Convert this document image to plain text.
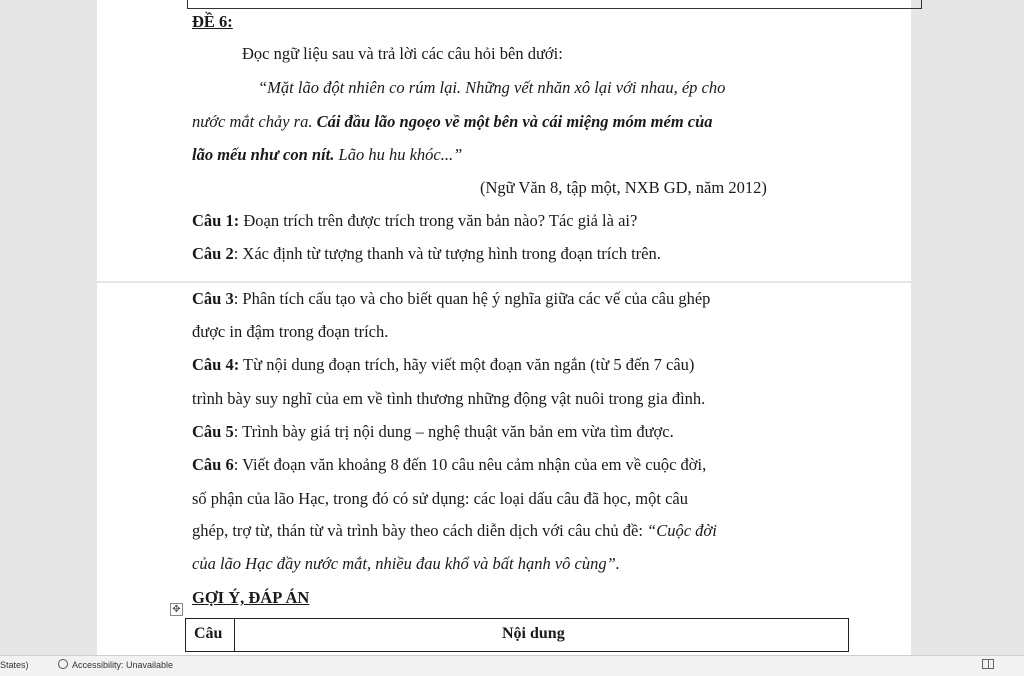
ĐỀ 6:
Đọc ngữ liệu sau và trả lời các câu hỏi bên dưới:
“Mặt lão đột nhiên co rúm lại. Những vết nhăn xô lại với nhau, ép cho
nước mắt chảy ra. Cái đầu lão ngoẹo về một bên và cái miệng móm mém của
lão mếu như con nít. Lão hu hu khóc...”
(Ngữ Văn 8, tập một, NXB GD, năm 2012)
Câu 1: Đoạn trích trên được trích trong văn bản nào? Tác giả là ai?
Câu 2: Xác định từ tượng thanh và từ tượng hình trong đoạn trích trên.
Câu 3: Phân tích cấu tạo và cho biết quan hệ ý nghĩa giữa các vế của câu ghép
được in đậm trong đoạn trích.
Câu 4: Từ nội dung đoạn trích, hãy viết một đoạn văn ngắn (từ 5 đến 7 câu)
trình bày suy nghĩ của em về tình thương những động vật nuôi trong gia đình.
Câu 5: Trình bày giá trị nội dung – nghệ thuật văn bản em vừa tìm được.
Câu 6: Viết đoạn văn khoảng 8 đến 10 câu nêu cảm nhận của em về cuộc đời,
số phận của lão Hạc, trong đó có sử dụng: các loại dấu câu đã học, một câu
ghép, trợ từ, thán từ và trình bày theo cách diễn dịch với câu chủ đề: “Cuộc đời
của lão Hạc đầy nước mắt, nhiều đau khổ và bất hạnh vô cùng”.
✥
GỢI Ý, ĐÁP ÁN
Câu	Nội dung
States)	Accessibility: Unavailable
